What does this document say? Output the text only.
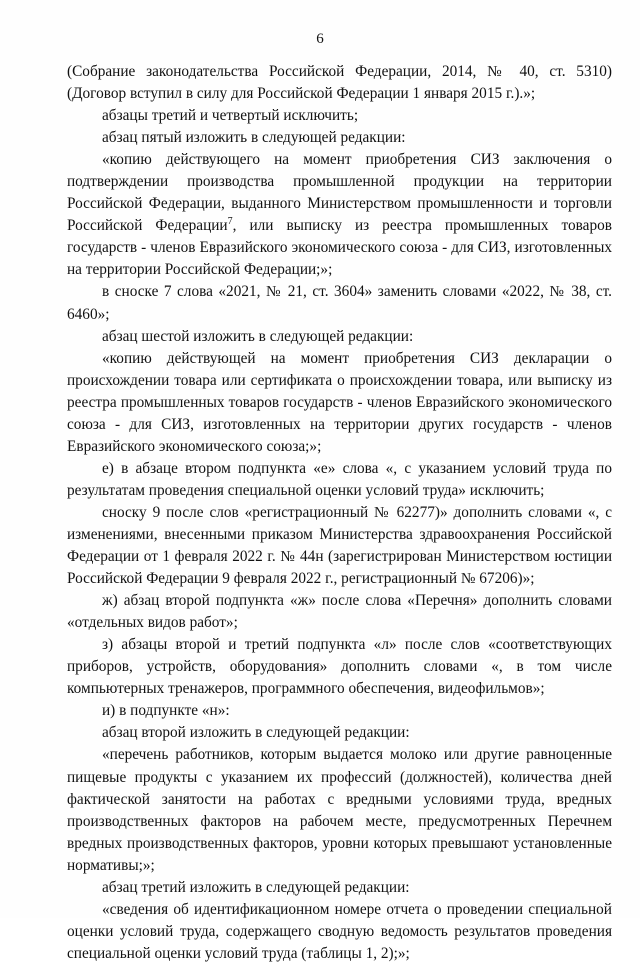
6

(Собрание законодательства Российской Федерации, 2014, № 40, ст. 5310) (Договор вступил в силу для Российской Федерации 1 января 2015 г.).»;

абзацы третий и четвертый исключить;

абзац пятый изложить в следующей редакции:

«копию действующего на момент приобретения СИЗ заключения о подтверждении производства промышленной продукции на территории Российской Федерации, выданного Министерством промышленности и торговли Российской Федерации$^7$, или выписку из реестра промышленных товаров государств - членов Евразийского экономического союза - для СИЗ, изготовленных на территории Российской Федерации;»;

в сноске 7 слова «2021, № 21, ст. 3604» заменить словами «2022, № 38, ст. 6460»;

абзац шестой изложить в следующей редакции:

«копию действующей на момент приобретения СИЗ декларации о происхождении товара или сертификата о происхождении товара, или выписку из реестра промышленных товаров государств - членов Евразийского экономического союза - для СИЗ, изготовленных на территории других государств - членов Евразийского экономического союза;»;

е) в абзаце втором подпункта «е» слова «, с указанием условий труда по результатам проведения специальной оценки условий труда» исключить;

сноску 9 после слов «регистрационный № 62277)» дополнить словами «, с изменениями, внесенными приказом Министерства здравоохранения Российской Федерации от 1 февраля 2022 г. № 44н (зарегистрирован Министерством юстиции Российской Федерации 9 февраля 2022 г., регистрационный № 67206)»;

ж) абзац второй подпункта «ж» после слова «Перечня» дополнить словами «отдельных видов работ»;

з) абзацы второй и третий подпункта «л» после слов «соответствующих приборов, устройств, оборудования» дополнить словами «, в том числе компьютерных тренажеров, программного обеспечения, видеофильмов»;

и) в подпункте «н»:

абзац второй изложить в следующей редакции:

«перечень работников, которым выдается молоко или другие равноценные пищевые продукты с указанием их профессий (должностей), количества дней фактической занятости на работах с вредными условиями труда, вредных производственных факторов на рабочем месте, предусмотренных Перечнем вредных производственных факторов, уровни которых превышают установленные нормативы;»;

абзац третий изложить в следующей редакции:

«сведения об идентификационном номере отчета о проведении специальной оценки условий труда, содержащего сводную ведомость результатов проведения специальной оценки условий труда (таблицы 1, 2);»;
